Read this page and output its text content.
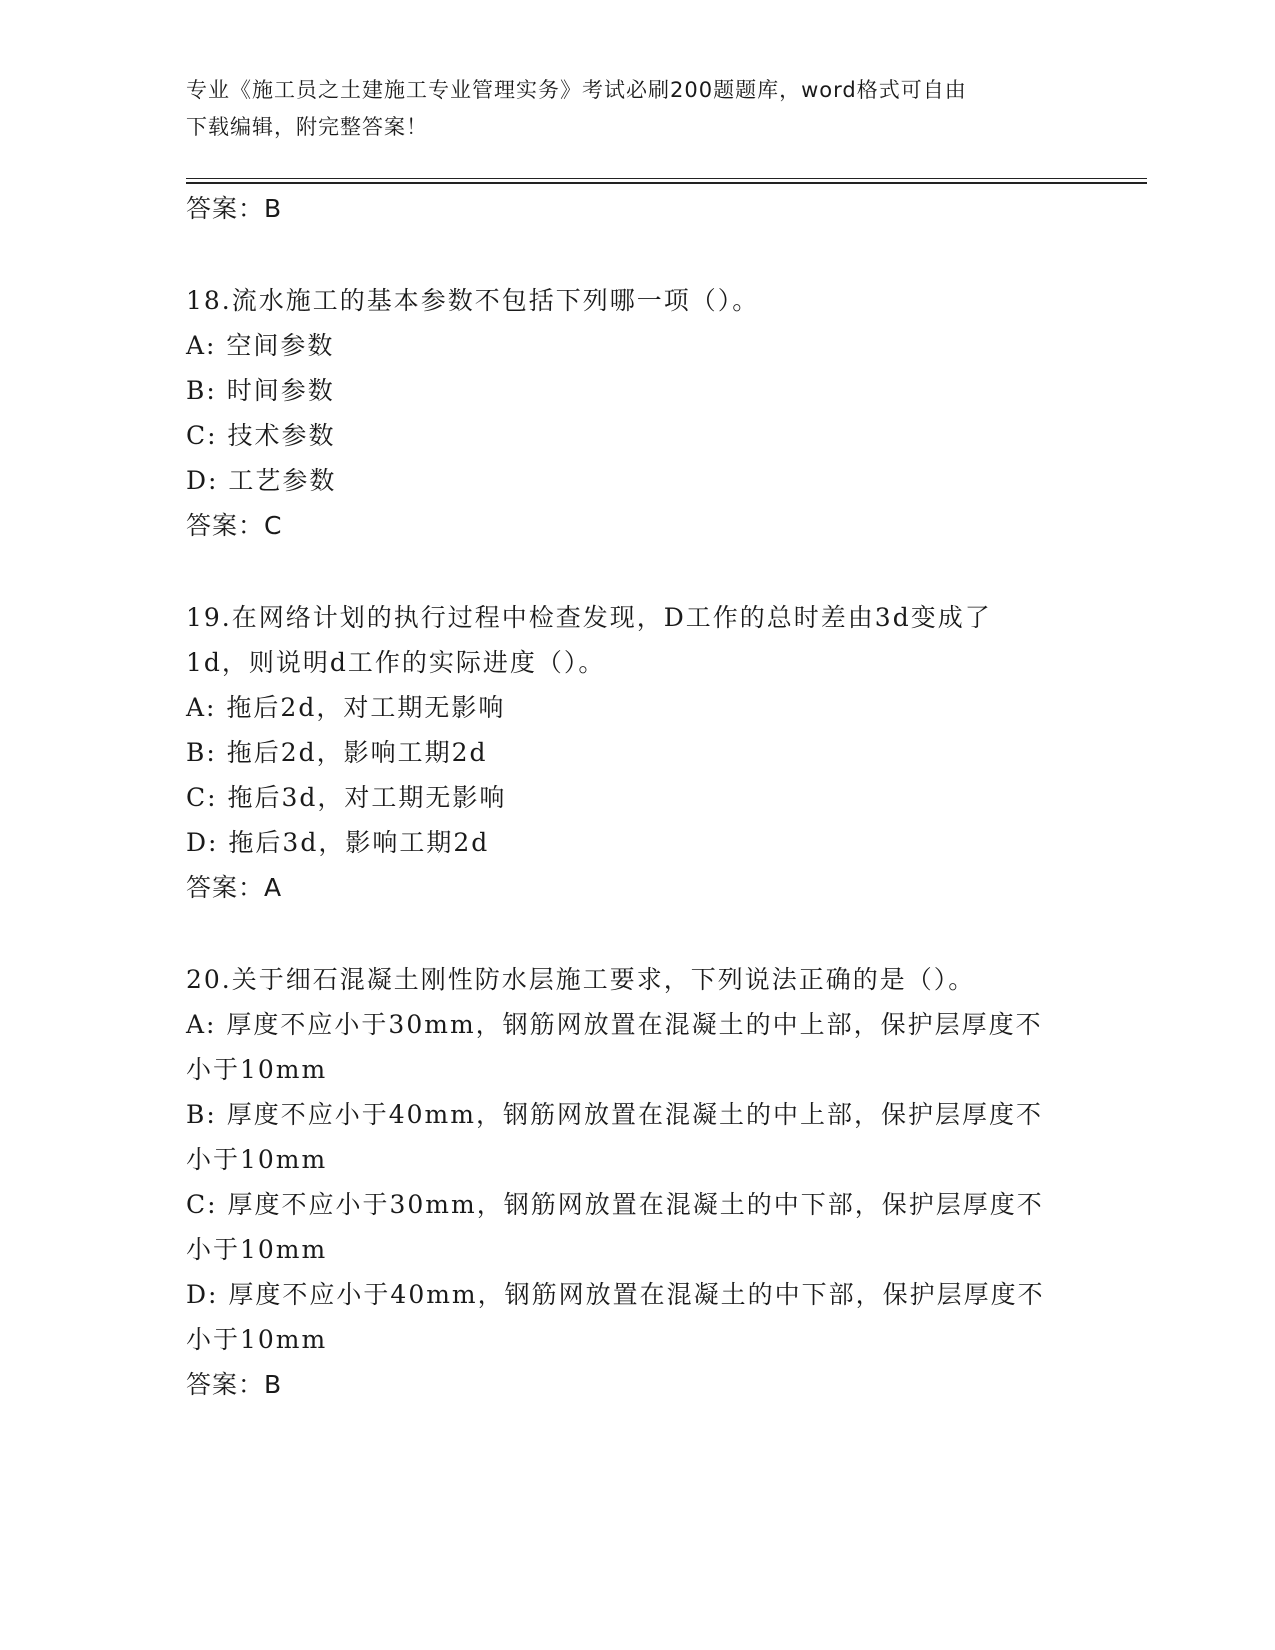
专业《施工员之土建施工专业管理实务》考试必刷200题题库，word格式可自由
下载编辑，附完整答案！
答案：B
18.流水施工的基本参数不包括下列哪一项（）。
A: 空间参数
B: 时间参数
C: 技术参数
D: 工艺参数
答案：C
19.在网络计划的执行过程中检查发现，D工作的总时差由3d变成了
1d，则说明d工作的实际进度（）。
A: 拖后2d，对工期无影响
B: 拖后2d，影响工期2d
C: 拖后3d，对工期无影响
D: 拖后3d，影响工期2d
答案：A
20.关于细石混凝土刚性防水层施工要求，下列说法正确的是（）。
A: 厚度不应小于30mm，钢筋网放置在混凝土的中上部，保护层厚度不
小于10mm
B: 厚度不应小于40mm，钢筋网放置在混凝土的中上部，保护层厚度不
小于10mm
C: 厚度不应小于30mm，钢筋网放置在混凝土的中下部，保护层厚度不
小于10mm
D: 厚度不应小于40mm，钢筋网放置在混凝土的中下部，保护层厚度不
小于10mm
答案：B
